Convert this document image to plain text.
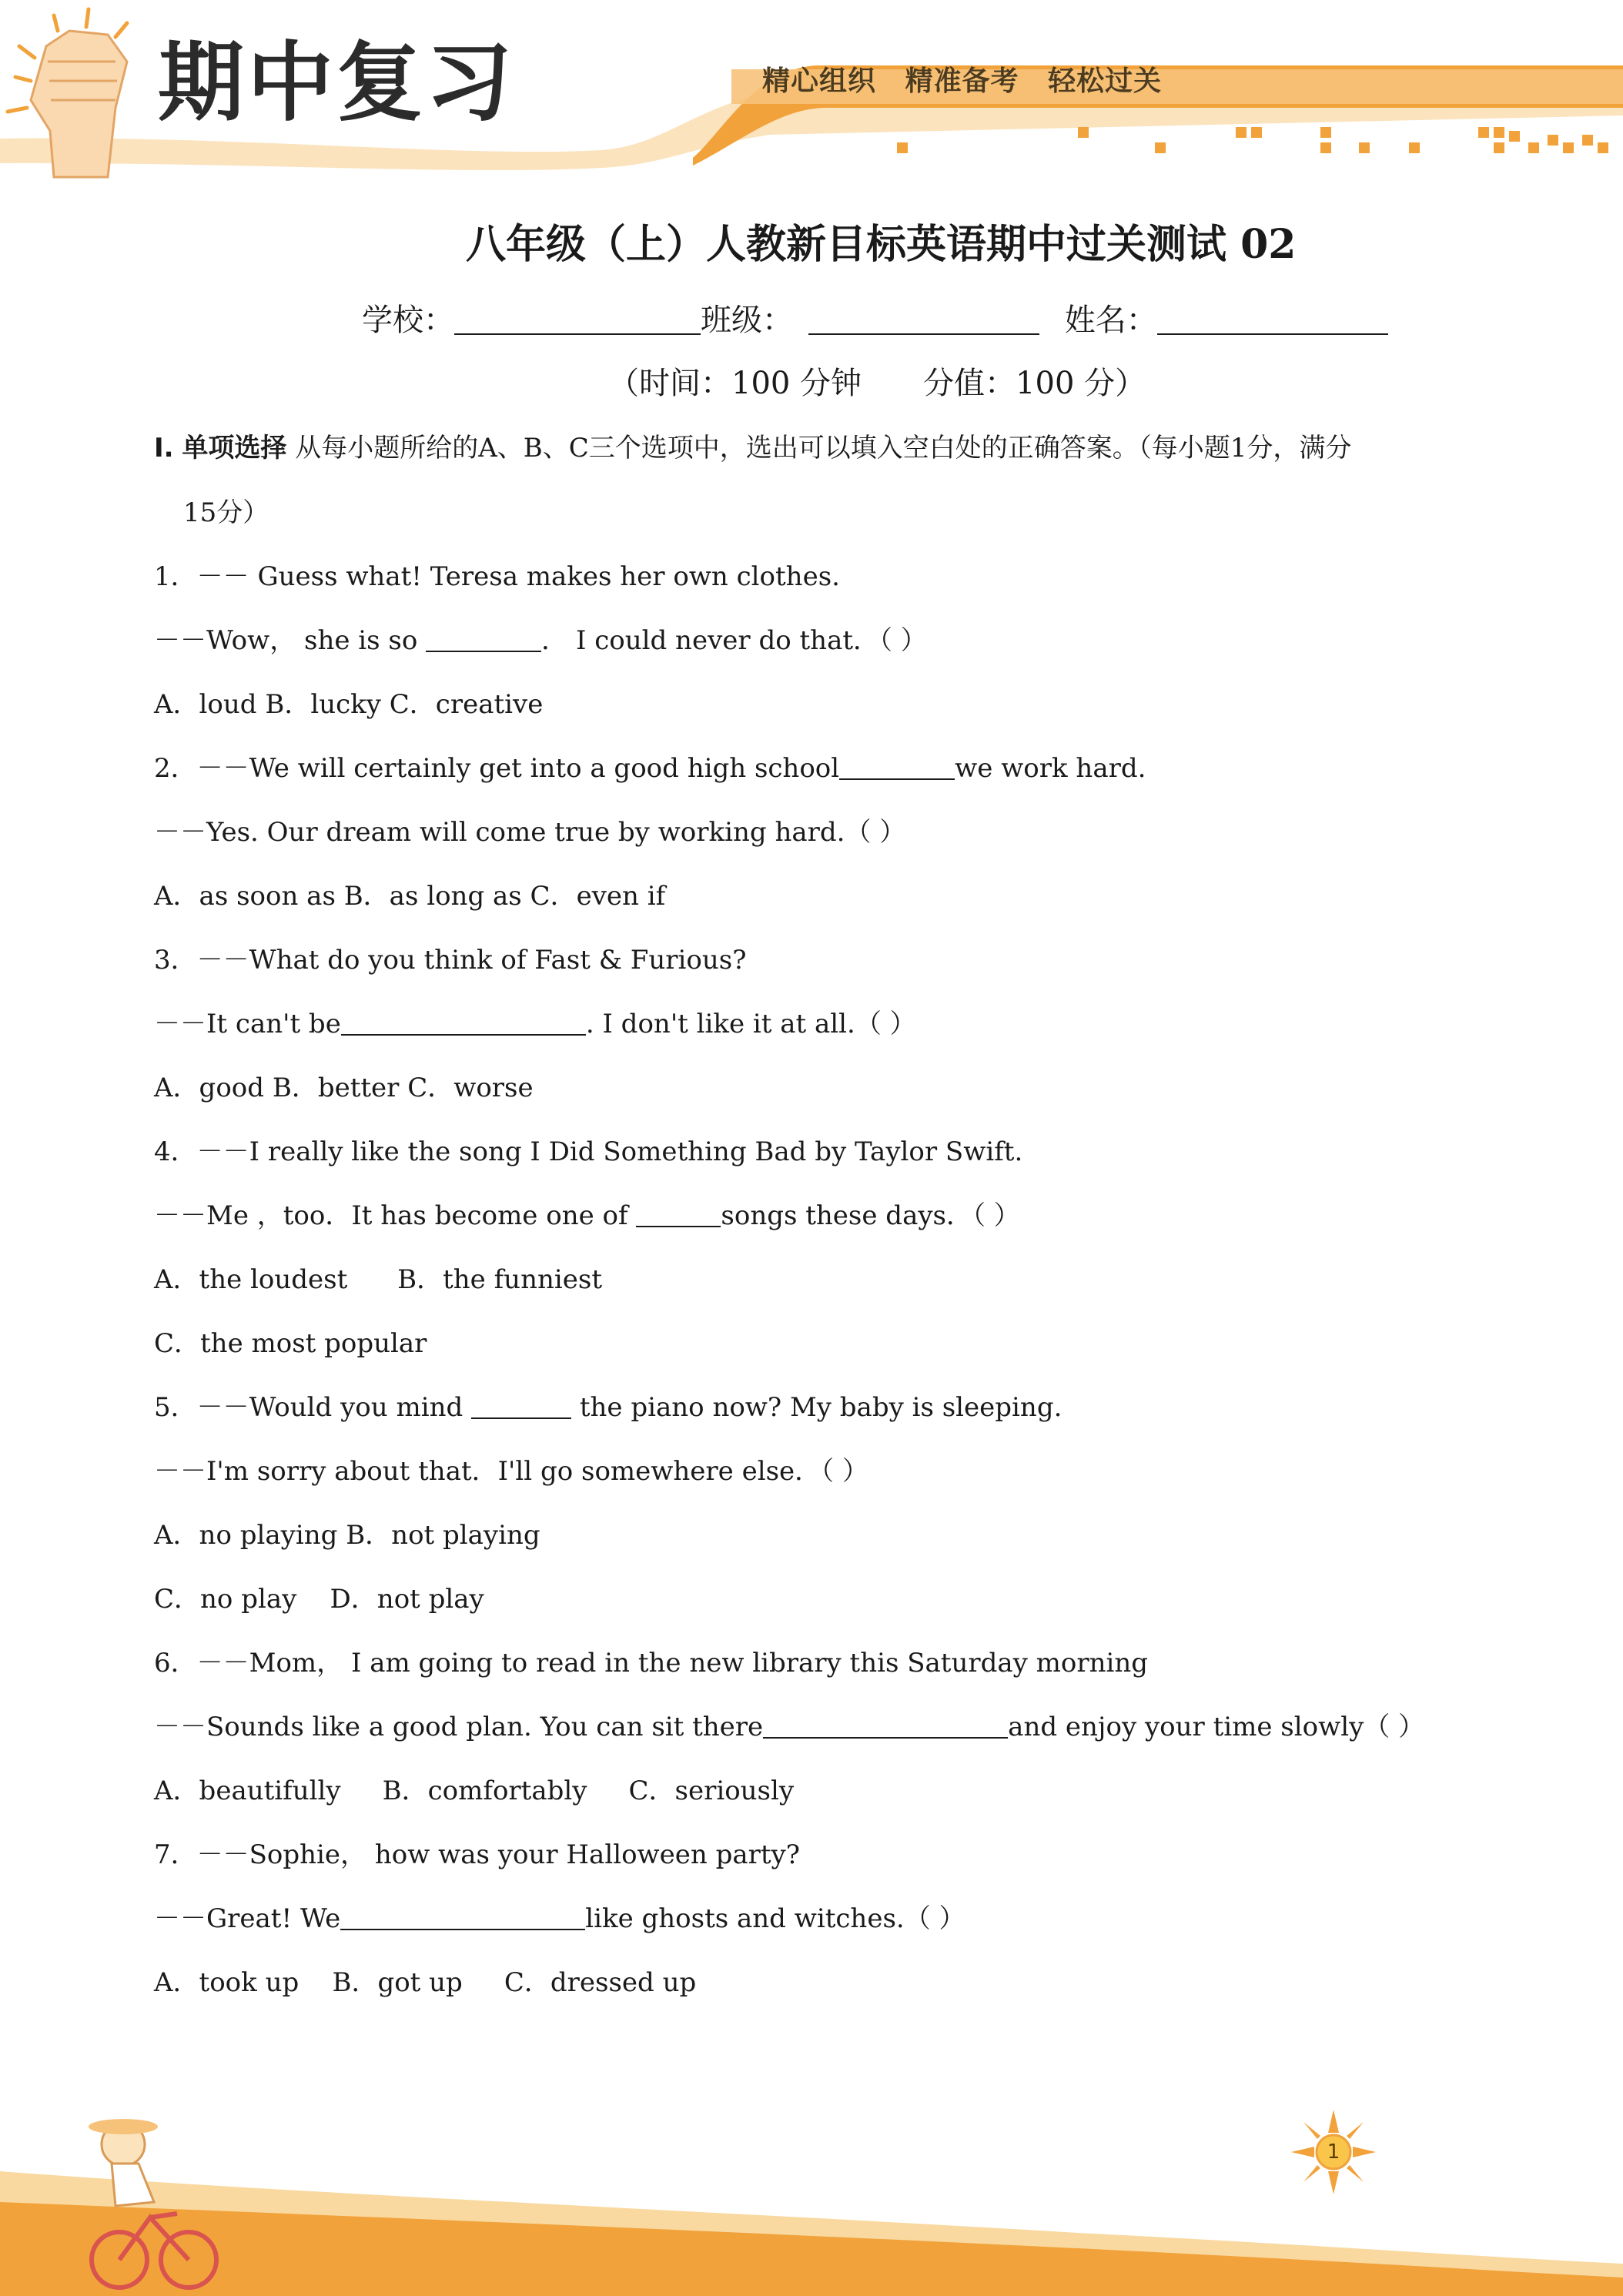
期中复习	精心组织 精准备考 轻松过关
八年级（上）人教新目标英语期中过关测试 02
学校：	班级：	姓名：
（时间：100 分钟 分值：100 分）
I. 单项选择 从每小题所给的A、B、C三个选项中，选出可以填入空白处的正确答案。（每小题1分，满分
15分）
1．－－ Guess what! Teresa makes her own clothes.
－－Wow， she is so	． I could never do that．（ ）
A．loud B．lucky C．creative
2．－－We will certainly get into a good high school	we work hard.
－－Yes. Our dream will come true by working hard.（ ）
A．as soon as B．as long as C．even if
3．－－What do you think of Fast & Furious?
－－It can't be	. I don't like it at all.（ ）
A．good B．better C．worse
4．－－I really like the song I Did Something Bad by Taylor Swift.
－－Me ，too．It has become one of	songs these days．（ ）
A．the loudest      B．the funniest
C．the most popular
5．－－Would you mind	the piano now? My baby is sleeping.
－－I'm sorry about that．I'll go somewhere else．（ ）
A．no playing B．not playing
C．no play    D．not play
6．－－Mom， I am going to read in the new library this Saturday morning
－－Sounds like a good plan. You can sit there	and enjoy your time slowly（ ）
A．beautifully     B．comfortably     C．seriously
7．－－Sophie， how was your Halloween party?
－－Great! We	like ghosts and witches.（ ）
A．took up    B．got up     C．dressed up
1
